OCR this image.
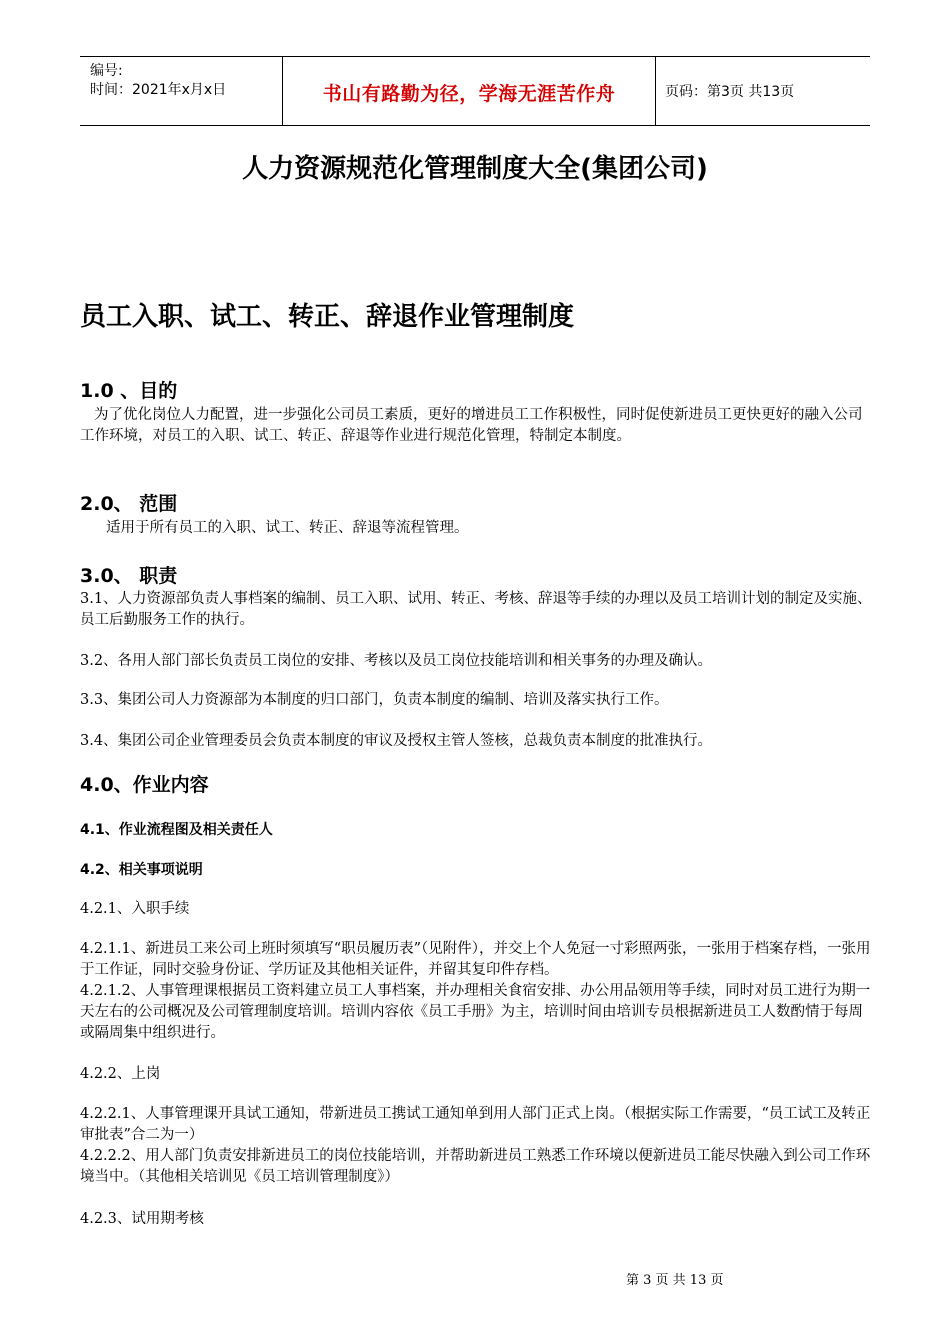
编号:
时间：2021年x月x日	书山有路勤为径，学海无涯苦作舟	页码：第3页 共13页
人力资源规范化管理制度大全(集团公司)
员工入职、试工、转正、辞退作业管理制度
1.0 、目的
为了优化岗位人力配置，进一步强化公司员工素质，更好的增进员工工作积极性，同时促使新进员工更快更好的融入公司工作环境，对员工的入职、试工、转正、辞退等作业进行规范化管理，特制定本制度。
2.0、 范围
适用于所有员工的入职、试工、转正、辞退等流程管理。
3.0、 职责
3.1、人力资源部负责人事档案的编制、员工入职、试用、转正、考核、辞退等手续的办理以及员工培训计划的制定及实施、员工后勤服务工作的执行。
3.2、各用人部门部长负责员工岗位的安排、考核以及员工岗位技能培训和相关事务的办理及确认。
3.3、集团公司人力资源部为本制度的归口部门，负责本制度的编制、培训及落实执行工作。
3.4、集团公司企业管理委员会负责本制度的审议及授权主管人签核，总裁负责本制度的批准执行。
4.0、作业内容
4.1、作业流程图及相关责任人
4.2、相关事项说明
4.2.1、入职手续
4.2.1.1、新进员工来公司上班时须填写“职员履历表”（见附件），并交上个人免冠一寸彩照两张，一张用于档案存档，一张用于工作证，同时交验身份证、学历证及其他相关证件，并留其复印件存档。
4.2.1.2、人事管理课根据员工资料建立员工人事档案，并办理相关食宿安排、办公用品领用等手续，同时对员工进行为期一天左右的公司概况及公司管理制度培训。培训内容依《员工手册》为主，培训时间由培训专员根据新进员工人数酌情于每周或隔周集中组织进行。
4.2.2、上岗
4.2.2.1、人事管理课开具试工通知，带新进员工携试工通知单到用人部门正式上岗。（根据实际工作需要，“员工试工及转正审批表”合二为一）
4.2.2.2、用人部门负责安排新进员工的岗位技能培训，并帮助新进员工熟悉工作环境以便新进员工能尽快融入到公司工作环境当中。（其他相关培训见《员工培训管理制度》）
4.2.3、试用期考核
第 3 页 共 13 页
